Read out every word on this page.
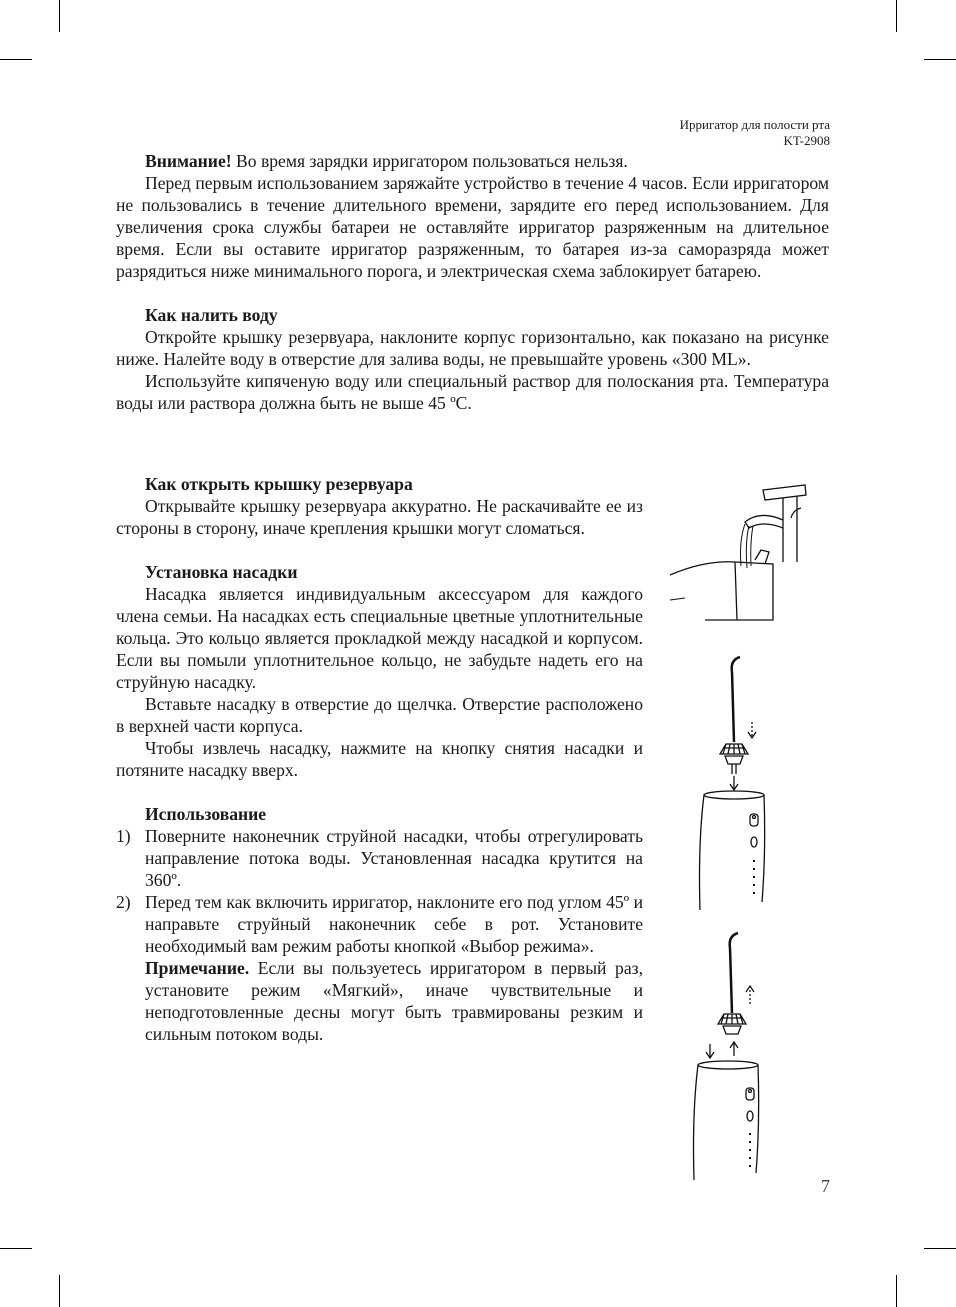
Ирригатор для полости рта
KT-2908

Внимание! Во время зарядки ирригатором пользоваться нельзя.

Перед первым использованием заряжайте устройство в течение 4 часов. Если ирригатором не пользовались в течение длительного времени, зарядите его перед использованием. Для увеличения срока службы батареи не оставляйте ирригатор разряженным на длительное время. Если вы оставите ирригатор разряженным, то батарея из-за саморазряда может разрядиться ниже минимального порога, и электрическая схема заблокирует батарею.

Как налить воду

Откройте крышку резервуара, наклоните корпус горизонтально, как показано на рисунке ниже. Налейте воду в отверстие для залива воды, не превышайте уровень «300 ML».

Используйте кипяченую воду или специальный раствор для полоскания рта. Температура воды или раствора должна быть не выше 45 ºC.

Как открыть крышку резервуара

Открывайте крышку резервуара аккуратно. Не раскачивайте ее из стороны в сторону, иначе крепления крышки могут сломаться.

Установка насадки

Насадка является индивидуальным аксессуаром для каждого члена семьи. На насадках есть специальные цветные уплотнительные кольца. Это кольцо является прокладкой между насадкой и корпусом. Если вы помыли уплотнительное кольцо, не забудьте надеть его на струйную насадку.

Вставьте насадку в отверстие до щелчка. Отверстие расположено в верхней части корпуса.

Чтобы извлечь насадку, нажмите на кнопку снятия насадки и потяните насадку вверх.

Использование
1) Поверните наконечник струйной насадки, чтобы отрегулировать направление потока воды. Установленная насадка крутится на 360º.

2) Перед тем как включить ирригатор, наклоните его под углом 45º и направьте струйный наконечник себе в рот. Установите необходимый вам режим работы кнопкой «Выбор режима».

Примечание. Если вы пользуетесь ирригатором в первый раз, установите режим «Мягкий», иначе чувствительные и неподготовленные десны могут быть травмированы резким и сильным потоком воды.

7
